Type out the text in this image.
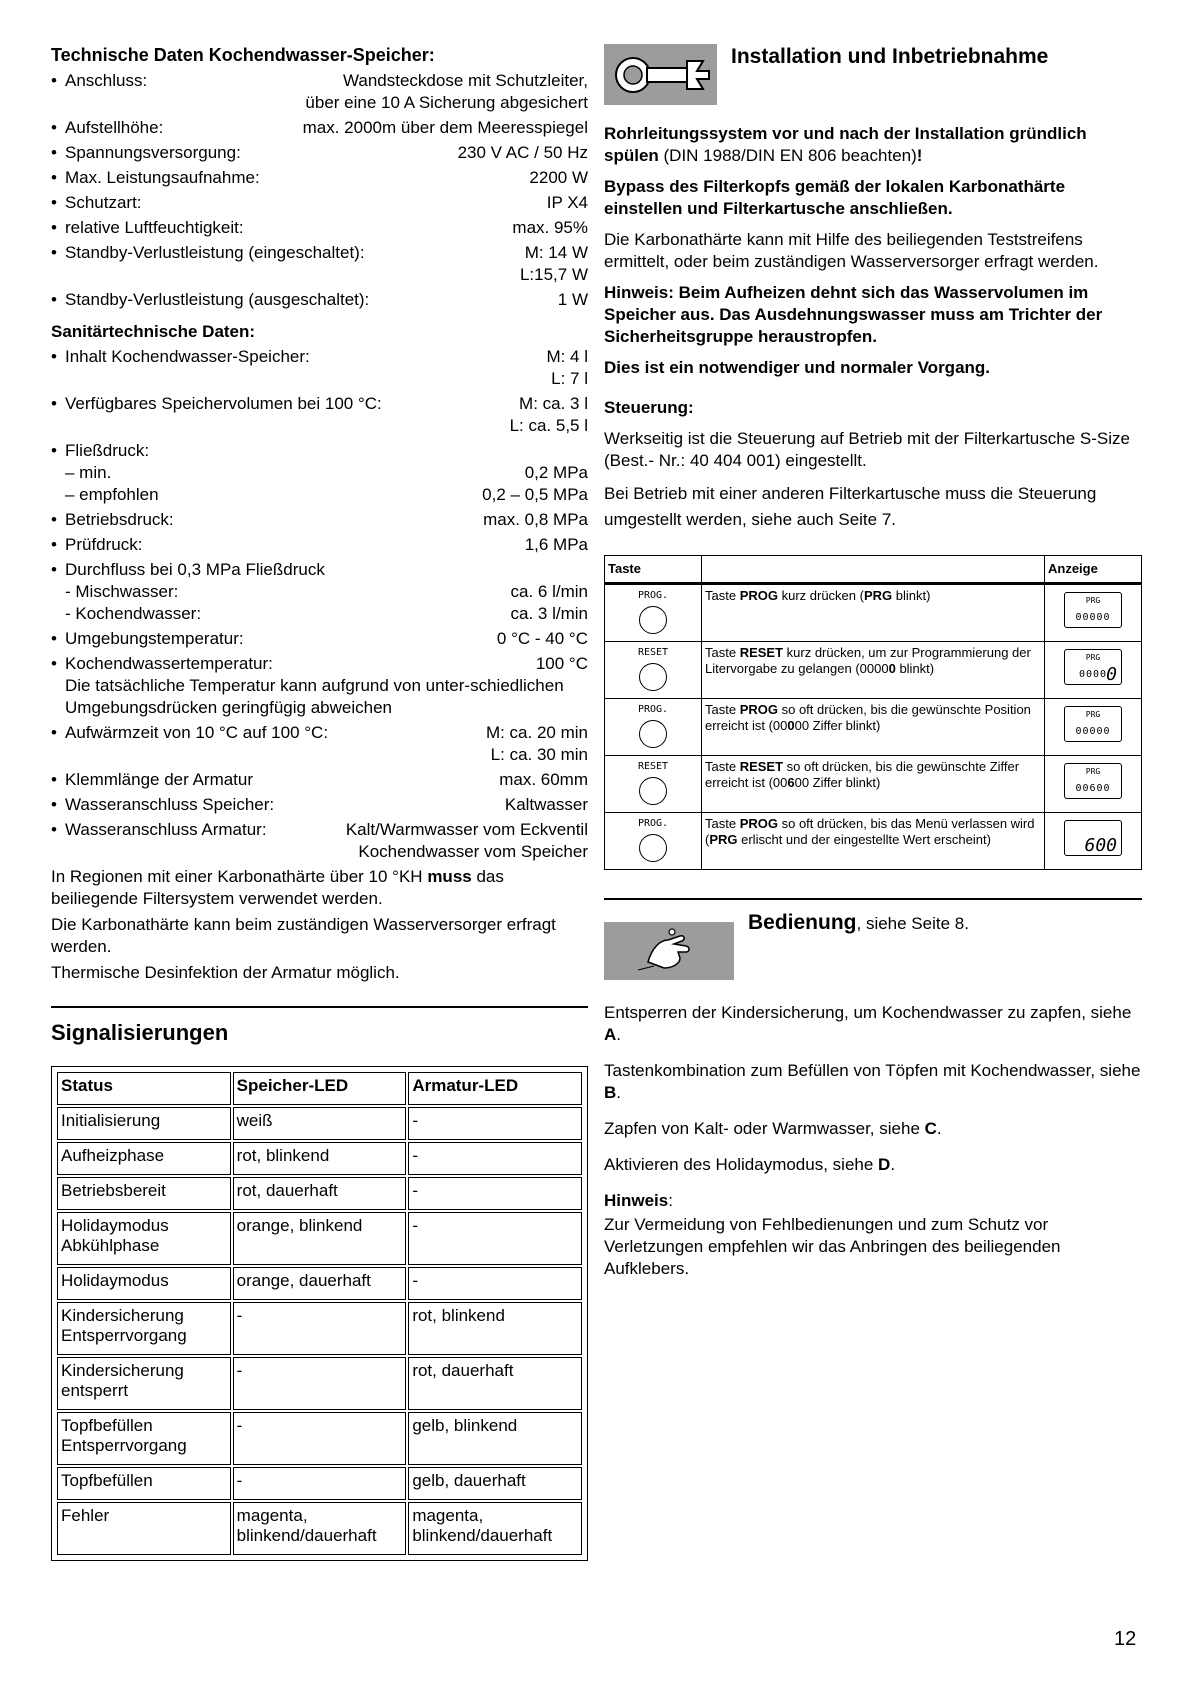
Technische Daten Kochendwasser-Speicher:
• Anschluss:	Wandsteckdose mit Schutzleiter,
über eine 10 A Sicherung abgesichert
• Aufstellhöhe:	max. 2000m über dem Meeresspiegel
• Spannungsversorgung:	230 V AC / 50 Hz
• Max. Leistungsaufnahme:	2200 W
• Schutzart:	IP X4
• relative Luftfeuchtigkeit:	max. 95%
• Standby-Verlustleistung (eingeschaltet):	M: 14 W
L:15,7 W
• Standby-Verlustleistung (ausgeschaltet):	1 W
Sanitärtechnische Daten:
• Inhalt Kochendwasser-Speicher:	M: 4 l
L: 7 l
• Verfügbares Speichervolumen bei 100 °C:	M: ca. 3 l
L: ca. 5,5 l
• Fließdruck:
– min.	0,2 MPa
– empfohlen	0,2 – 0,5 MPa
• Betriebsdruck:	max. 0,8 MPa
• Prüfdruck:	1,6 MPa
• Durchfluss bei 0,3 MPa Fließdruck
- Mischwasser:	ca. 6 l/min
- Kochendwasser:	ca. 3 l/min
• Umgebungstemperatur:	0 °C - 40 °C
• Kochendwassertemperatur:	100 °C
Die tatsächliche Temperatur kann aufgrund von unter-schiedlichen Umgebungsdrücken geringfügig abweichen
• Aufwärmzeit von 10 °C auf 100 °C:	M: ca. 20 min
L: ca. 30 min
• Klemmlänge der Armatur	max. 60mm
• Wasseranschluss Speicher:	Kaltwasser
• Wasseranschluss Armatur:	Kalt/Warmwasser vom Eckventil
Kochendwasser vom Speicher

In Regionen mit einer Karbonathärte über 10 °KH muss das beiliegende Filtersystem verwendet werden.

Die Karbonathärte kann beim zuständigen Wasserversorger erfragt werden.

Thermische Desinfektion der Armatur möglich.

Signalisierungen
Status	Speicher-LED	Armatur-LED
Initialisierung	weiß	-
Aufheizphase	rot, blinkend	-
Betriebsbereit	rot, dauerhaft	-
Holidaymodus Abkühlphase	orange, blinkend	-
Holidaymodus	orange, dauerhaft	-
Kindersicherung Entsperrvorgang	-	rot, blinkend
Kindersicherung entsperrt	-	rot, dauerhaft
Topfbefüllen Entsperrvorgang	-	gelb, blinkend
Topfbefüllen	-	gelb, dauerhaft
Fehler	magenta, blinkend/dauerhaft	magenta, blinkend/dauerhaft
Installation und Inbetriebnahme

Rohrleitungssystem vor und nach der Installation gründlich spülen (DIN 1988/DIN EN 806 beachten)!

Bypass des Filterkopfs gemäß der lokalen Karbonathärte einstellen und Filterkartusche anschließen.

Die Karbonathärte kann mit Hilfe des beiliegenden Teststreifens ermittelt, oder beim zuständigen Wasserversorger erfragt werden.

Hinweis: Beim Aufheizen dehnt sich das Wasservolumen im Speicher aus. Das Ausdehnungswasser muss am Trichter der Sicherheitsgruppe heraustropfen.

Dies ist ein notwendiger und normaler Vorgang.

Steuerung:

Werkseitig ist die Steuerung auf Betrieb mit der Filterkartusche S-Size (Best.- Nr.: 40 404 001) eingestellt.

Bei Betrieb mit einer anderen Filterkartusche muss die Steuerung umgestellt werden, siehe auch Seite 7.

Taste		Anzeige

PROG.	Taste PROG kurz drücken (PRG blinkt)	PRG
00000

RESET	Taste RESET kurz drücken, um zur Programmierung der Litervorgabe zu gelangen (00000 blinkt)	PRG
0000 0

PROG.	Taste PROG so oft drücken, bis die gewünschte Position erreicht ist (00000 Ziffer blinkt)	PRG
00000

RESET	Taste RESET so oft drücken, bis die gewünschte Ziffer erreicht ist (00600 Ziffer blinkt)	PRG
00600

PROG.	Taste PROG so oft drücken, bis das Menü verlassen wird (PRG erlischt und der eingestellte Wert erscheint)	600
Bedienung, siehe Seite 8.

Entsperren der Kindersicherung, um Kochendwasser zu zapfen, siehe A.

Tastenkombination zum Befüllen von Töpfen mit Kochendwasser, siehe B.

Zapfen von Kalt- oder Warmwasser, siehe C.

Aktivieren des Holidaymodus, siehe D.

Hinweis:

Zur Vermeidung von Fehlbedienungen und zum Schutz vor Verletzungen empfehlen wir das Anbringen des beiliegenden Aufklebers.

12
